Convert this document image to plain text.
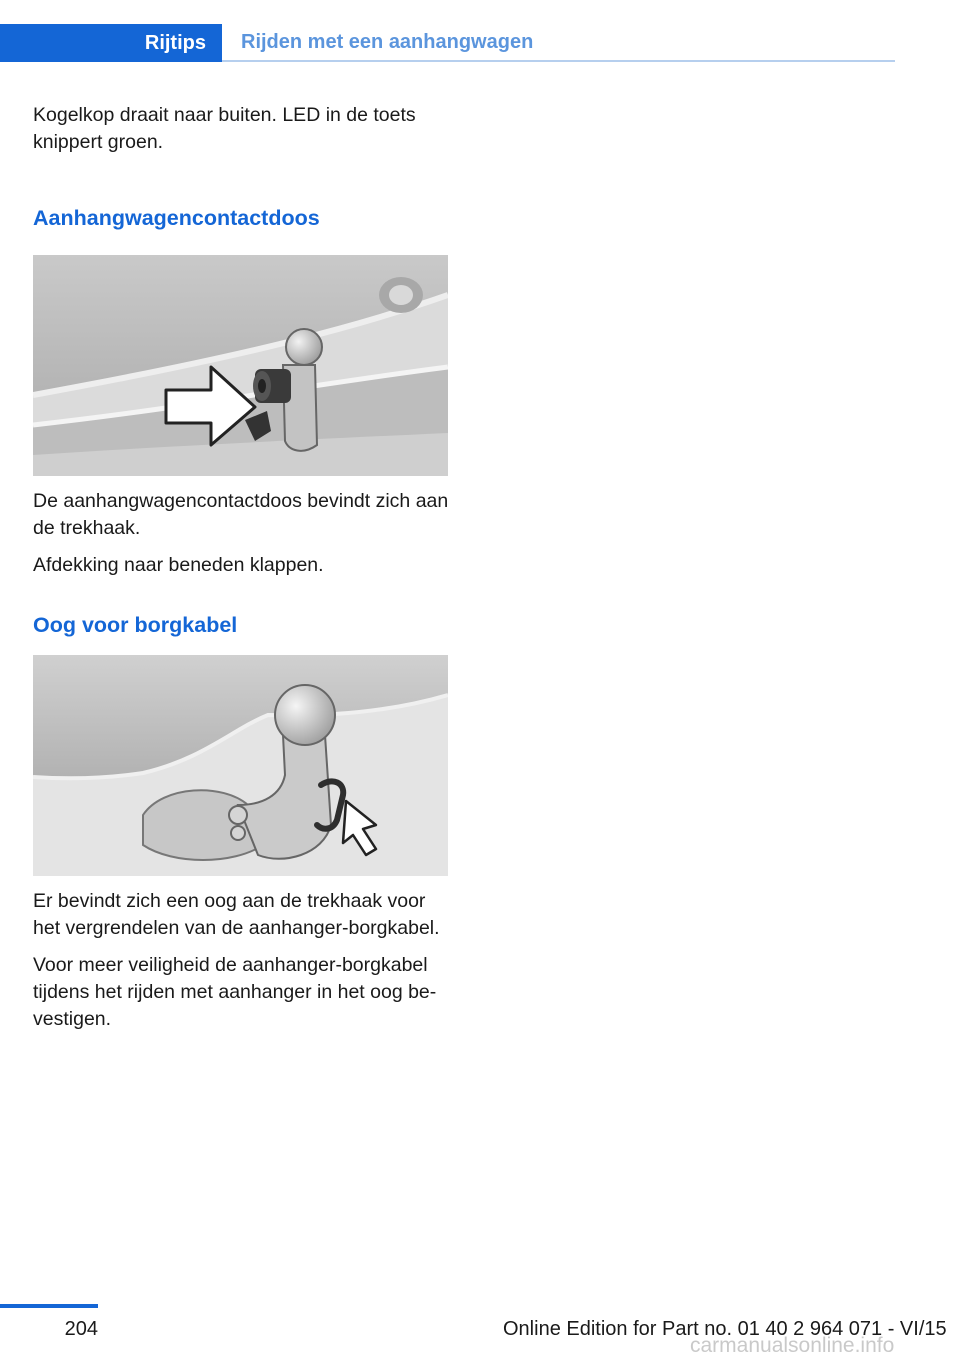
Rijtips	Rijden met een aanhangwagen

Kogelkop draait naar buiten. LED in de toets knippert groen.

Aanhangwagencontactdoos

De aanhangwagencontactdoos bevindt zich aan de trekhaak.

Afdekking naar beneden klappen.

Oog voor borgkabel

Er bevindt zich een oog aan de trekhaak voor het vergrendelen van de aanhanger-borgkabel.

Voor meer veiligheid de aanhanger-borgkabel tijdens het rijden met aanhanger in het oog be-vestigen.

204	Online Edition for Part no. 01 40 2 964 071 - VI/15
carmanualsonline.info
